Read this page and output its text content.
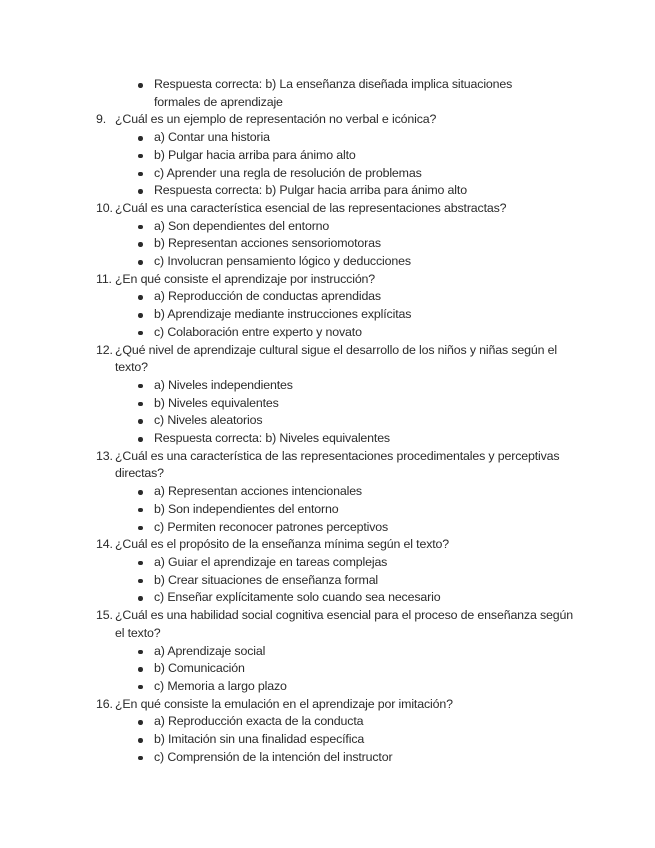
Respuesta correcta: b) La enseñanza diseñada implica situaciones
formales de aprendizaje
9. ¿Cuál es un ejemplo de representación no verbal e icónica?
a) Contar una historia
b) Pulgar hacia arriba para ánimo alto
c) Aprender una regla de resolución de problemas
Respuesta correcta: b) Pulgar hacia arriba para ánimo alto
10. ¿Cuál es una característica esencial de las representaciones abstractas?
a) Son dependientes del entorno
b) Representan acciones sensoriomotoras
c) Involucran pensamiento lógico y deducciones
11. ¿En qué consiste el aprendizaje por instrucción?
a) Reproducción de conductas aprendidas
b) Aprendizaje mediante instrucciones explícitas
c) Colaboración entre experto y novato
12. ¿Qué nivel de aprendizaje cultural sigue el desarrollo de los niños y niñas según el texto?
a) Niveles independientes
b) Niveles equivalentes
c) Niveles aleatorios
Respuesta correcta: b) Niveles equivalentes
13. ¿Cuál es una característica de las representaciones procedimentales y perceptivas directas?
a) Representan acciones intencionales
b) Son independientes del entorno
c) Permiten reconocer patrones perceptivos
14. ¿Cuál es el propósito de la enseñanza mínima según el texto?
a) Guiar el aprendizaje en tareas complejas
b) Crear situaciones de enseñanza formal
c) Enseñar explícitamente solo cuando sea necesario
15. ¿Cuál es una habilidad social cognitiva esencial para el proceso de enseñanza según el texto?
a) Aprendizaje social
b) Comunicación
c) Memoria a largo plazo
16. ¿En qué consiste la emulación en el aprendizaje por imitación?
a) Reproducción exacta de la conducta
b) Imitación sin una finalidad específica
c) Comprensión de la intención del instructor
